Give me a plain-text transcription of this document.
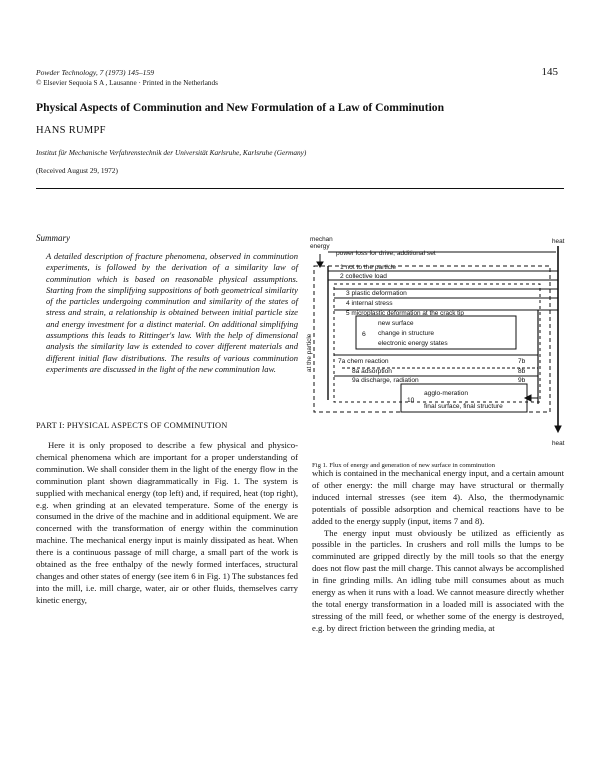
Powder Technology, 7 (1973) 145–159
© Elsevier Sequoia S A , Lausanne · Printed in the Netherlands
145
Physical Aspects of Comminution and New Formulation of a Law of Comminution
HANS RUMPF
Institut für Mechanische Verfahrenstechnik der Universität Karlsruhe, Karlsruhe (Germany)
(Received August 29, 1972)
Summary
A detailed description of fracture phenomena, observed in comminution experiments, is followed by the derivation of a similarity law of comminution which is based on reasonable physical assumptions. Starting from the simplifying suppositions of both geometrical similarity of the particles undergoing comminution and similarity of the states of stress and strain, a relationship is obtained between initial particle size and energy investment for a distinct material. On additional simplifying assumptions this leads to Rittinger's law. With the help of dimensional analysis the similarity law is extended to cover different materials and different initial flaw distributions. The results of various comminution experiments are discussed in the light of the new comminution law.
PART I: PHYSICAL ASPECTS OF COMMINUTION

Here it is only proposed to describe a few physical and physico-chemical phenomena which are important for a proper understanding of comminution. We shall consider them in the light of the energy flow in the comminution plant shown diagrammatically in Fig. 1. The system is supplied with mechanical energy (top left) and, if required, heat (top right), e.g. when grinding at an elevated temperature. Some of the energy is consumed in the drive of the machine and in additional equipment. We are concerned with the transformation of energy within the comminution machine. The mechanical energy input is mainly dissipated as heat. When there is a continuous passage of mill charge, a small part of the work is obtained as the free enthalpy of the newly formed interfaces, structural changes and other states of energy (see item 6 in Fig. 1) The substances fed into the mill, i.e. mill charge, water, air or other fluids, themselves carry kinetic energy,

which is contained in the mechanical energy input, and a certain amount of other energy: the mill charge may have structural or thermally induced internal stresses (see item 4). Also, the thermodynamic potentials of possible adsorption and chemical reactions have to be added to the energy supply (input, items 7 and 8).

The energy input must obviously be utilized as efficiently as possible in the particles. In crushers and roll mills the lumps to be comminuted are gripped directly by the mill tools so that the energy does not flow past the mill charge. This cannot always be accomplished in fine grinding mills. An idling tube mill consumes about as much energy as when it runs with a load. We cannot measure directly whether the total energy transformation in a loaded mill is associated with the stressing of the mill feed, or whether some of the energy is destroyed, e.g. by direct friction between the grinding media, at

mechan
energy
heat
heat
at the particle
power loss for drive, additional set
1 not to the particle
2 collective load
3 plastic deformation
4 internal stress
5 microplastic deformation at the crack tip
6
new surface
change in structure
electronic energy states
7a chem reaction	7b
8a adsorption	8b
9a discharge, radiation	9b
10
agglo-meration
final surface, final structure
Fig 1. Flux of energy and generation of new surface in comminution
